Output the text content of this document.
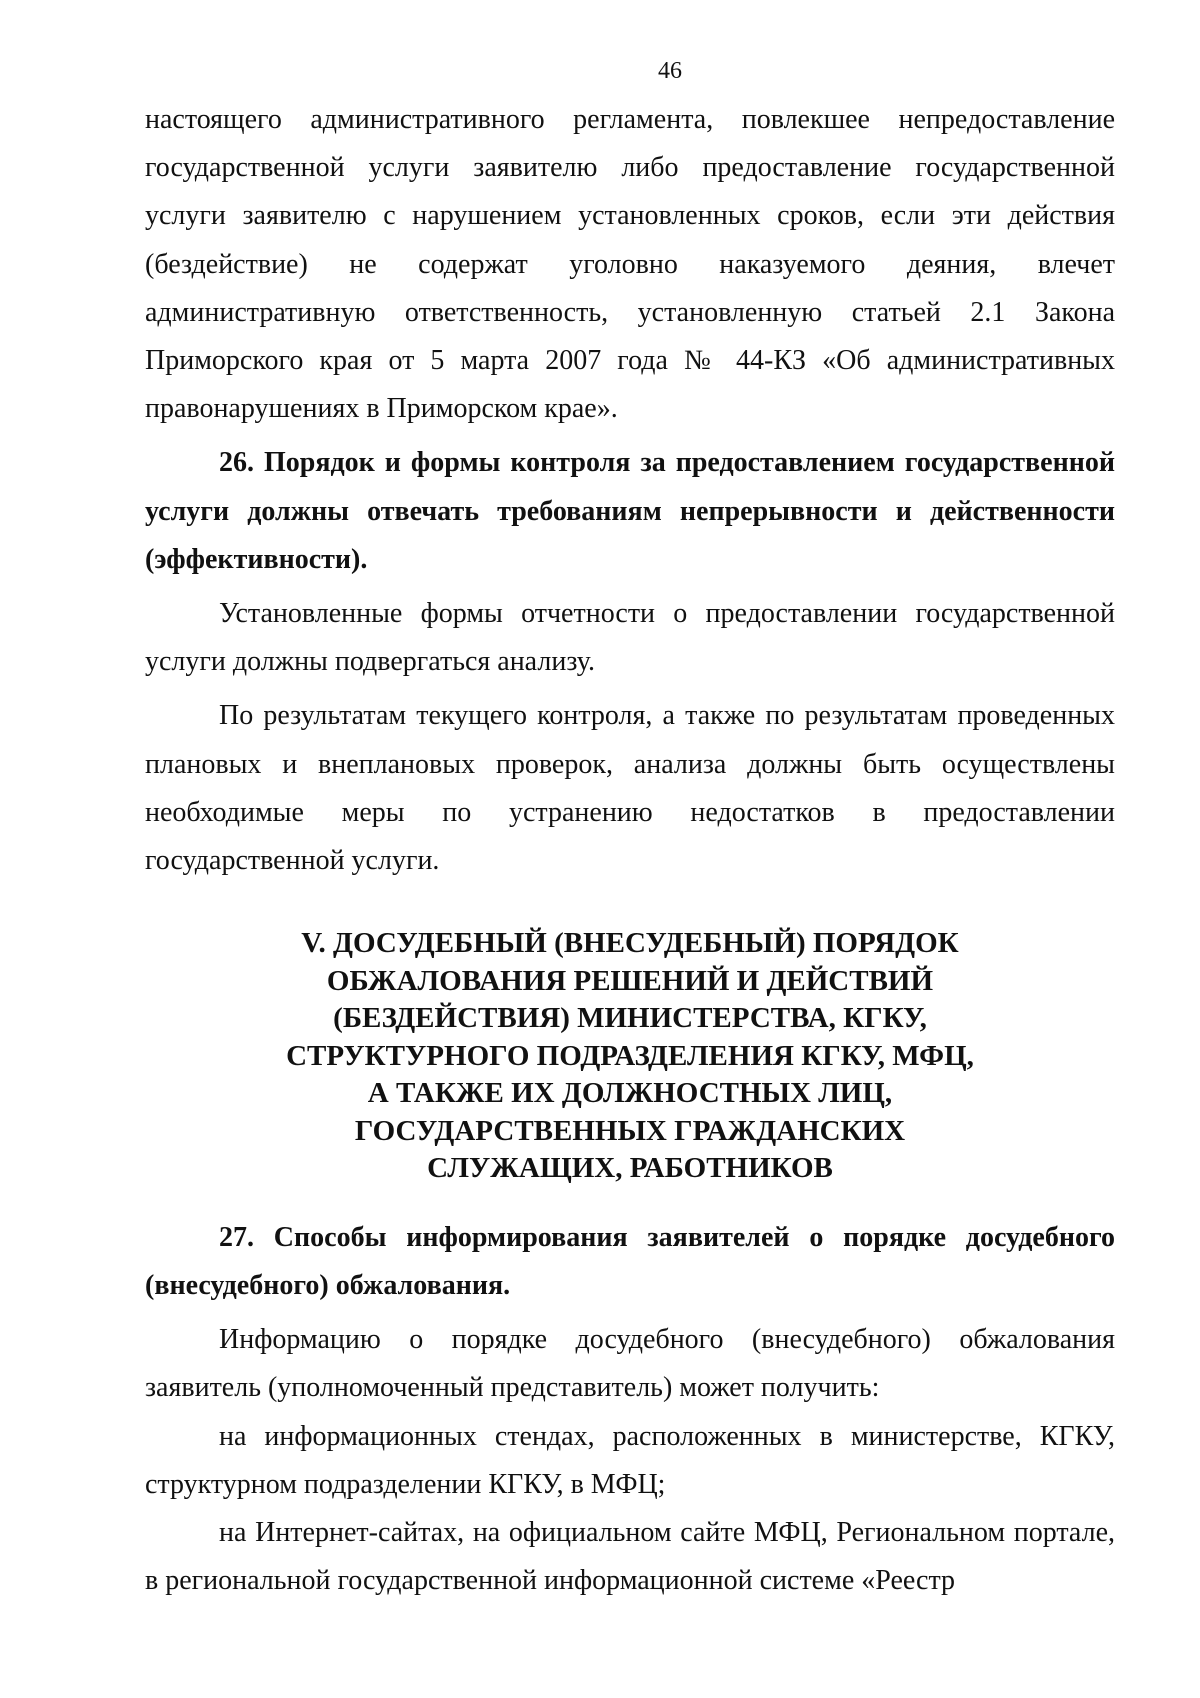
46

настоящего административного регламента, повлекшее непредоставление государственной услуги заявителю либо предоставление государственной услуги заявителю с нарушением установленных сроков, если эти действия (бездействие) не содержат уголовно наказуемого деяния, влечет административную ответственность, установленную статьей 2.1 Закона Приморского края от 5 марта 2007 года № 44-КЗ «Об административных правонарушениях в Приморском крае».

26. Порядок и формы контроля за предоставлением государственной услуги должны отвечать требованиям непрерывности и действенности (эффективности).

Установленные формы отчетности о предоставлении государственной услуги должны подвергаться анализу.

По результатам текущего контроля, а также по результатам проведенных плановых и внеплановых проверок, анализа должны быть осуществлены необходимые меры по устранению недостатков в предоставлении государственной услуги.

V. ДОСУДЕБНЫЙ (ВНЕСУДЕБНЫЙ) ПОРЯДОК
ОБЖАЛОВАНИЯ РЕШЕНИЙ И ДЕЙСТВИЙ
(БЕЗДЕЙСТВИЯ) МИНИСТЕРСТВА, КГКУ,
СТРУКТУРНОГО ПОДРАЗДЕЛЕНИЯ КГКУ, МФЦ,
А ТАКЖЕ ИХ ДОЛЖНОСТНЫХ ЛИЦ,
ГОСУДАРСТВЕННЫХ ГРАЖДАНСКИХ
СЛУЖАЩИХ, РАБОТНИКОВ

27. Способы информирования заявителей о порядке досудебного (внесудебного) обжалования.

Информацию о порядке досудебного (внесудебного) обжалования заявитель (уполномоченный представитель) может получить:

на информационных стендах, расположенных в министерстве, КГКУ, структурном подразделении КГКУ, в МФЦ;

на Интернет-сайтах, на официальном сайте МФЦ, Региональном портале, в региональной государственной информационной системе «Реестр
